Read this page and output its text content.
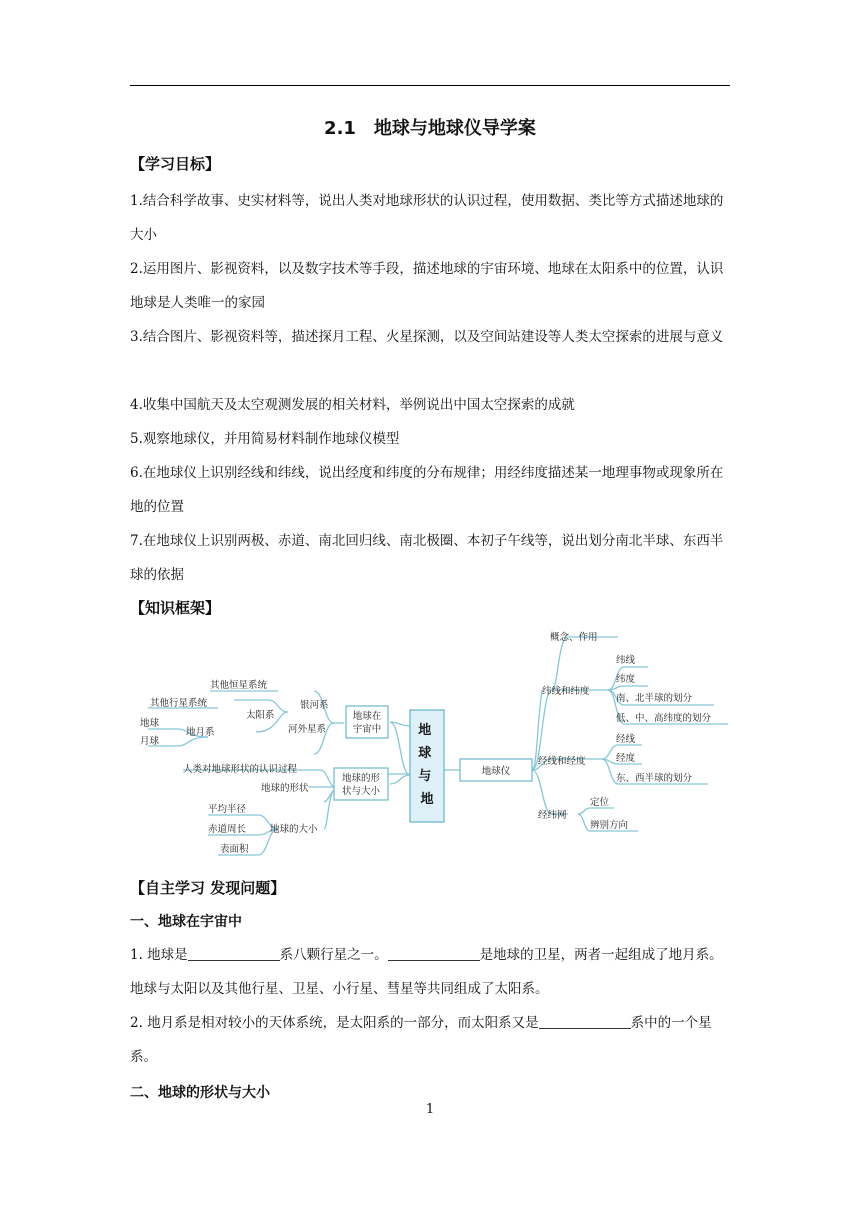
2.1　地球与地球仪导学案
【学习目标】
1.结合科学故事、史实材料等，说出人类对地球形状的认识过程，使用数据、类比等方式描述地球的大小
2.运用图片、影视资料，以及数字技术等手段，描述地球的宇宙环境、地球在太阳系中的位置，认识地球是人类唯一的家园
3.结合图片、影视资料等，描述探月工程、火星探测，以及空间站建设等人类太空探索的进展与意义
4.收集中国航天及太空观测发展的相关材料，举例说出中国太空探索的成就
5.观察地球仪，并用简易材料制作地球仪模型
6.在地球仪上识别经线和纬线，说出经度和纬度的分布规律；用经纬度描述某一地理事物或现象所在地的位置
7.在地球仪上识别两极、赤道、南北回归线、南北极圈、本初子午线等，说出划分南北半球、东西半球的依据
【知识框架】
地 球 与 地
地球在宇宙中
地球的形状与大小
银河系
其他恒星系统
太阳系
其他行星系统
地月系
地球
月球
河外星系
人类对地球形状的认识过程
地球的形状
地球的大小
平均半径
赤道周长
表面积
地球仪
概念、作用
纬线和纬度
纬线
纬度
南、北半球的划分
低、中、高纬度的划分
经线和经度
经线
经度
东、西半球的划分
经纬网
定位
辨别方向
【自主学习 发现问题】
一、地球在宇宙中
1. 地球是	系八颗行星之一。	是地球的卫星，两者一起组成了地月系。地球与太阳以及其他行星、卫星、小行星、彗星等共同组成了太阳系。
2. 地月系是相对较小的天体系统，是太阳系的一部分，而太阳系又是	系中的一个星系。
二、地球的形状与大小
1
